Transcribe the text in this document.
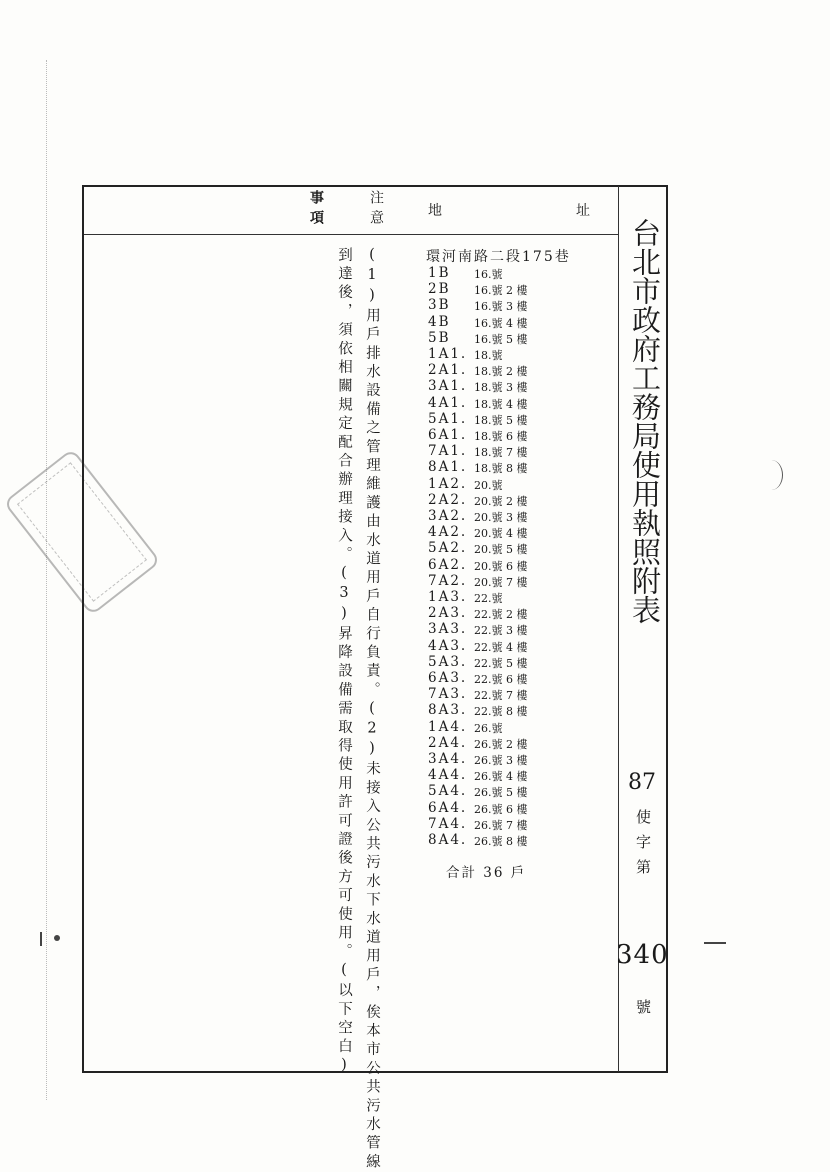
事項	注意	地	址
(1)用戶排水設備之管理維護由水道用戶自行負責。(2)未接入公共污水下水道用戶，俟本市公共污水管線
到達後，須依相關規定配合辦理接入。(3)昇降設備需取得使用許可證後方可使用。(以下空白)	環河南路二段175巷
1B	16.號
2B	16.號 2 樓
3B	16.號 3 樓
4B	16.號 4 樓
5B	16.號 5 樓
1A1. 18.號
2A1. 18.號 2 樓
3A1. 18.號 3 樓
4A1. 18.號 4 樓
5A1. 18.號 5 樓
6A1. 18.號 6 樓
7A1. 18.號 7 樓
8A1. 18.號 8 樓
1A2. 20.號
2A2. 20.號 2 樓
3A2. 20.號 3 樓
4A2. 20.號 4 樓
5A2. 20.號 5 樓
6A2. 20.號 6 樓
7A2. 20.號 7 樓
1A3. 22.號
2A3. 22.號 2 樓
3A3. 22.號 3 樓
4A3. 22.號 4 樓
5A3. 22.號 5 樓
6A3. 22.號 6 樓
7A3. 22.號 7 樓
8A3. 22.號 8 樓
1A4. 26.號
2A4. 26.號 2 樓
3A4. 26.號 3 樓
4A4. 26.號 4 樓
5A4. 26.號 5 樓
6A4. 26.號 6 樓
7A4. 26.號 7 樓
8A4. 26.號 8 樓
合計 36 戶
台北市政府工務局使用執照附表
87
使
字
第
340
號
